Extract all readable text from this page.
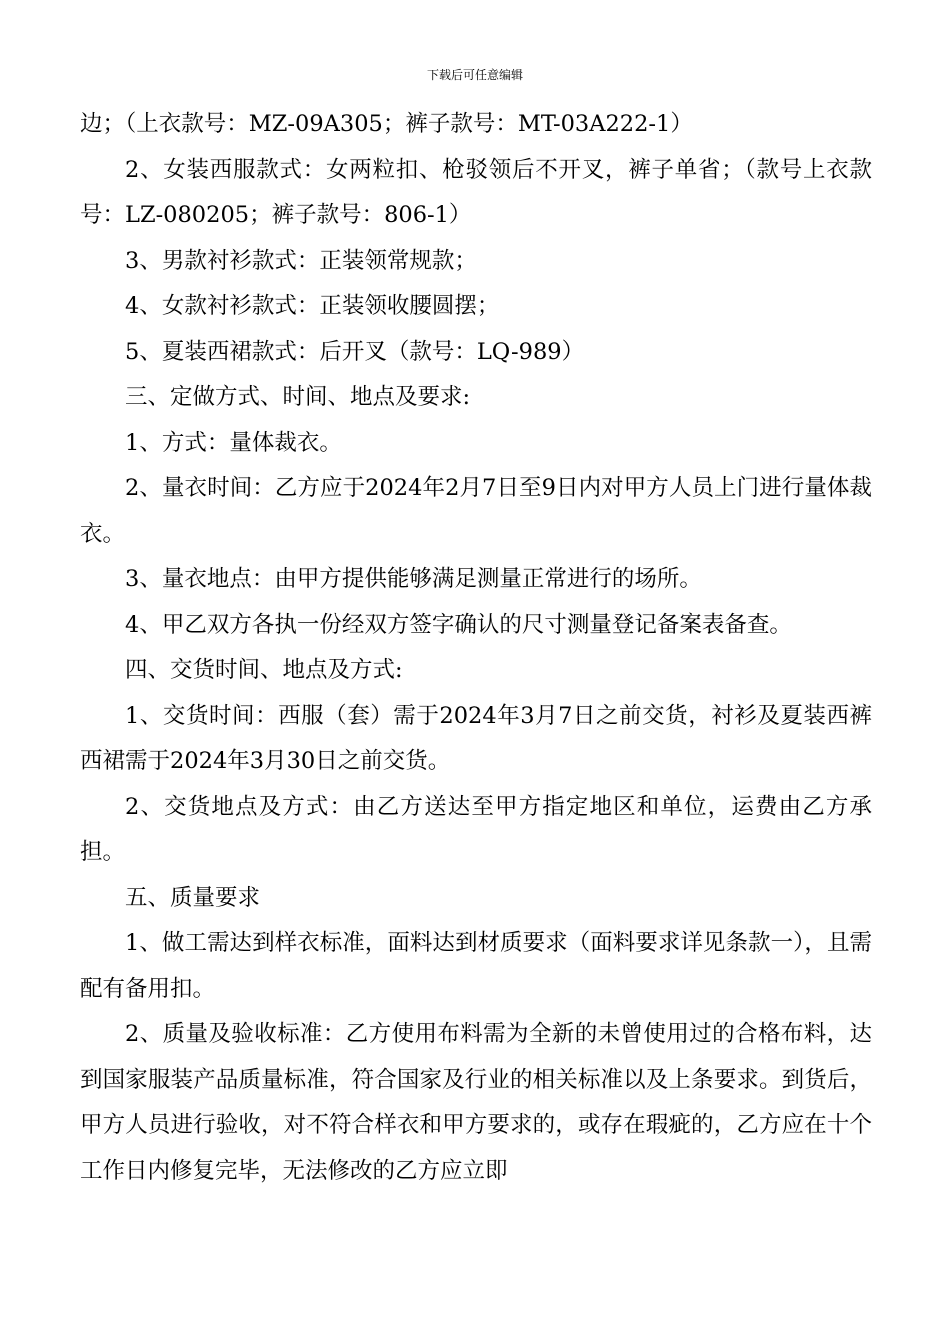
下载后可任意编辑
边；（上衣款号：MZ-09A305；裤子款号：MT-03A222-1）
2、女装西服款式：女两粒扣、枪驳领后不开叉，裤子单省；（款号上衣款号：LZ-080205；裤子款号：806-1）
3、男款衬衫款式：正装领常规款；
4、女款衬衫款式：正装领收腰圆摆；
5、夏装西裙款式：后开叉（款号：LQ-989）
三、定做方式、时间、地点及要求:
1、方式：量体裁衣。
2、量衣时间：乙方应于2024年2月7日至9日内对甲方人员上门进行量体裁衣。
3、量衣地点：由甲方提供能够满足测量正常进行的场所。
4、甲乙双方各执一份经双方签字确认的尺寸测量登记备案表备查。
四、交货时间、地点及方式:
1、交货时间：西服（套）需于2024年3月7日之前交货，衬衫及夏装西裤西裙需于2024年3月30日之前交货。
2、交货地点及方式：由乙方送达至甲方指定地区和单位，运费由乙方承担。
五、质量要求
1、做工需达到样衣标准，面料达到材质要求（面料要求详见条款一），且需配有备用扣。
2、质量及验收标准：乙方使用布料需为全新的未曾使用过的合格布料，达到国家服装产品质量标准，符合国家及行业的相关标准以及上条要求。到货后，甲方人员进行验收，对不符合样衣和甲方要求的，或存在瑕疵的，乙方应在十个工作日内修复完毕，无法修改的乙方应立即
